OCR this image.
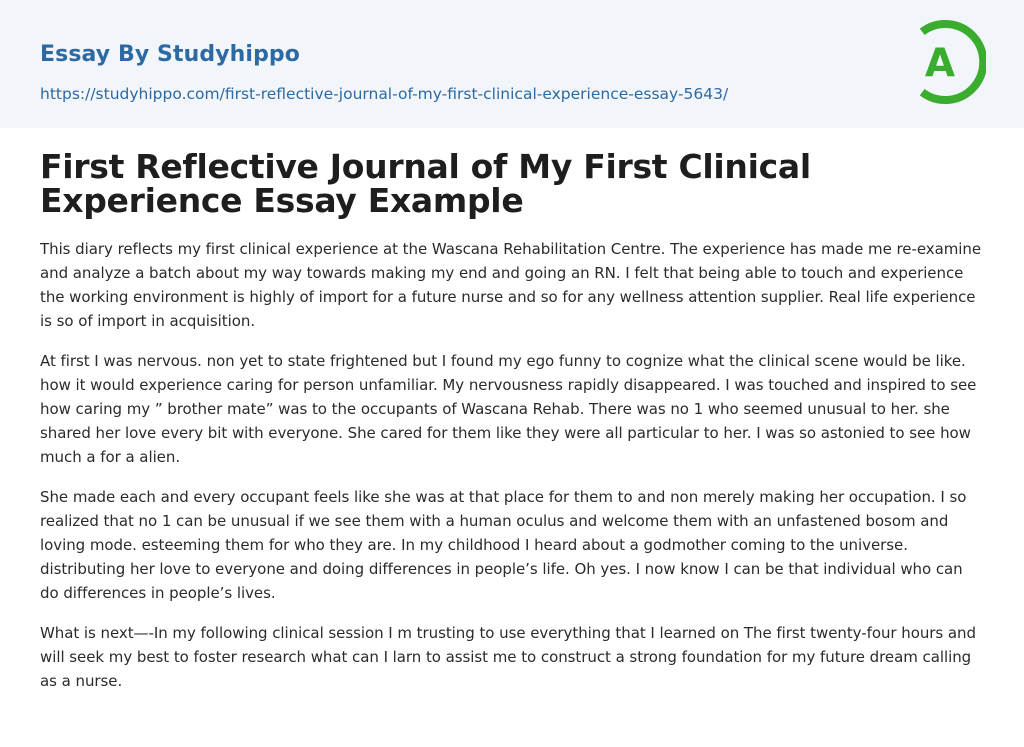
Essay By Studyhippo
https://studyhippo.com/first-reflective-journal-of-my-first-clinical-experience-essay-5643/
A
First Reflective Journal of My First Clinical Experience Essay Example

This diary reflects my first clinical experience at the Wascana Rehabilitation Centre. The experience has made me re-examine and analyze a batch about my way towards making my end and going an RN. I felt that being able to touch and experience the working environment is highly of import for a future nurse and so for any wellness attention supplier. Real life experience is so of import in acquisition.

At first I was nervous. non yet to state frightened but I found my ego funny to cognize what the clinical scene would be like. how it would experience caring for person unfamiliar. My nervousness rapidly disappeared. I was touched and inspired to see how caring my ” brother mate” was to the occupants of Wascana Rehab. There was no 1 who seemed unusual to her. she shared her love every bit with everyone. She cared for them like they were all particular to her. I was so astonied to see how much a for a alien.

She made each and every occupant feels like she was at that place for them to and non merely making her occupation. I so realized that no 1 can be unusual if we see them with a human oculus and welcome them with an unfastened bosom and loving mode. esteeming them for who they are. In my childhood I heard about a godmother coming to the universe. distributing her love to everyone and doing differences in people’s life. Oh yes. I now know I can be that individual who can do differences in people’s lives.

What is next—-In my following clinical session I m trusting to use everything that I learned on The first twenty-four hours and will seek my best to foster research what can I larn to assist me to construct a strong foundation for my future dream calling as a nurse.
